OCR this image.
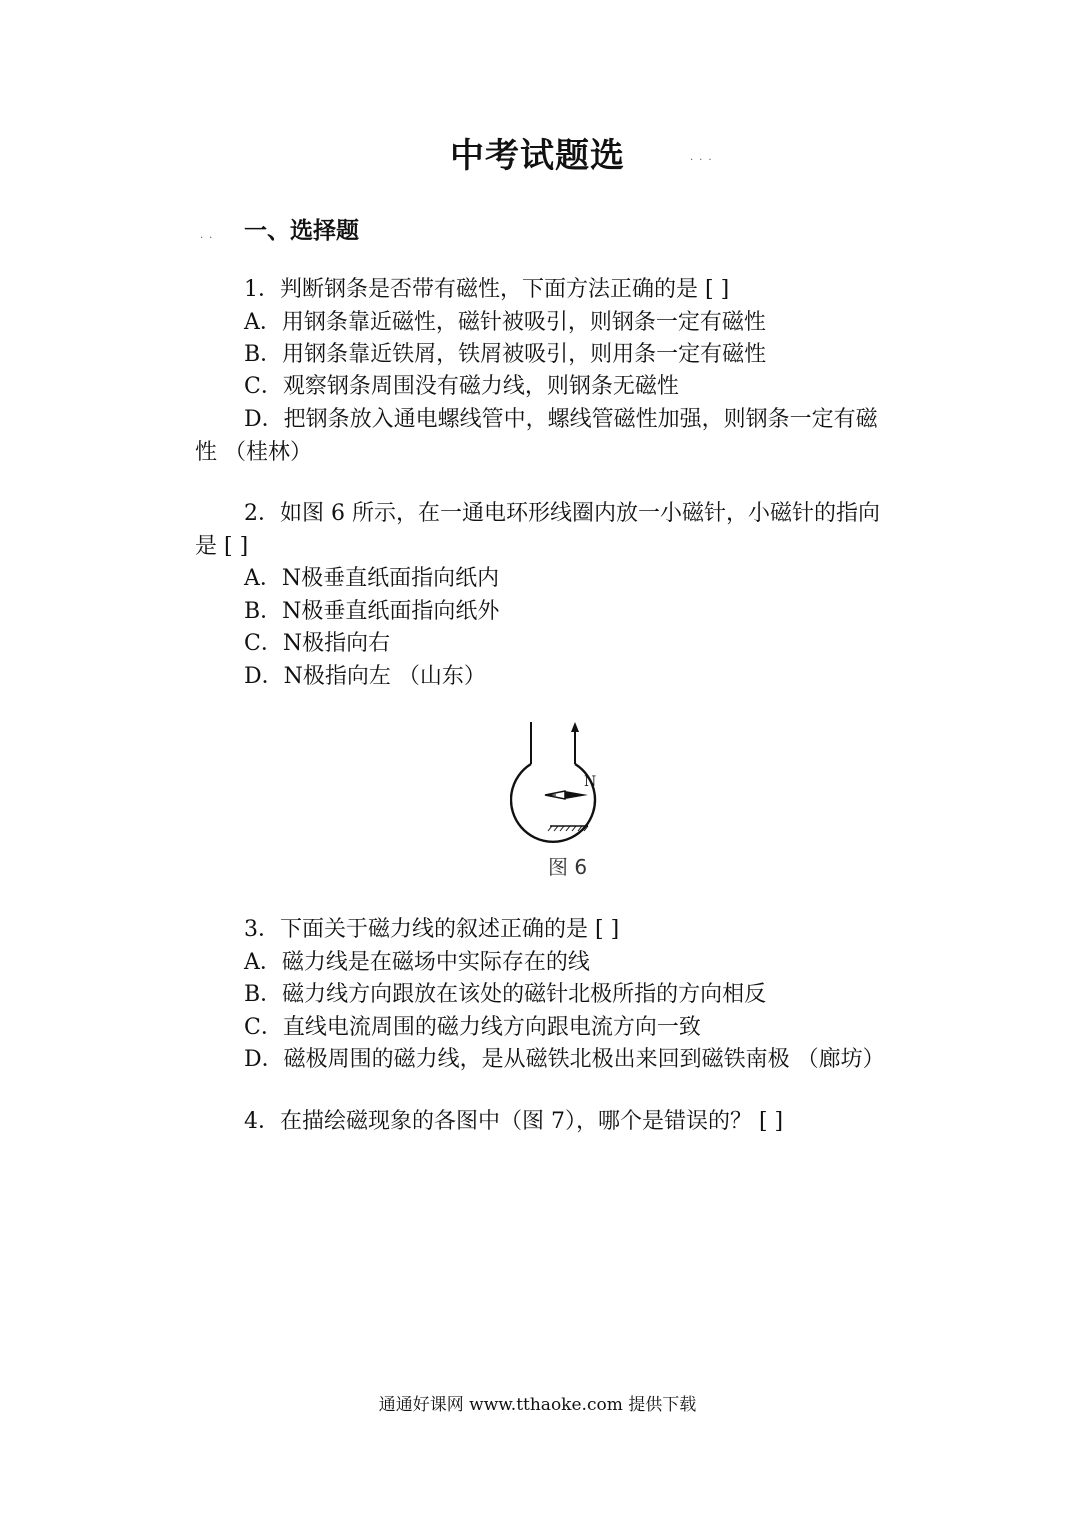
中考试题选	...
一、选择题
..
1．判断钢条是否带有磁性，下面方法正确的是 [ ]
A．用钢条靠近磁性，磁针被吸引，则钢条一定有磁性
B．用钢条靠近铁屑，铁屑被吸引，则用条一定有磁性
C．观察钢条周围没有磁力线，则钢条无磁性
D．把钢条放入通电螺线管中，螺线管磁性加强，则钢条一定有磁
性 （桂林）
2．如图 6 所示，在一通电环形线圈内放一小磁针，小磁针的指向
是 [ ]
A．N极垂直纸面指向纸内
B．N极垂直纸面指向纸外
C．N极指向右
D．N极指向左 （山东）
N
图 6
3．下面关于磁力线的叙述正确的是 [ ]
A．磁力线是在磁场中实际存在的线
B．磁力线方向跟放在该处的磁针北极所指的方向相反
C．直线电流周围的磁力线方向跟电流方向一致
D．磁极周围的磁力线，是从磁铁北极出来回到磁铁南极 （廊坊）
4．在描绘磁现象的各图中（图 7），哪个是错误的？ [ ]
通通好课网 www.tthaoke.com 提供下载
